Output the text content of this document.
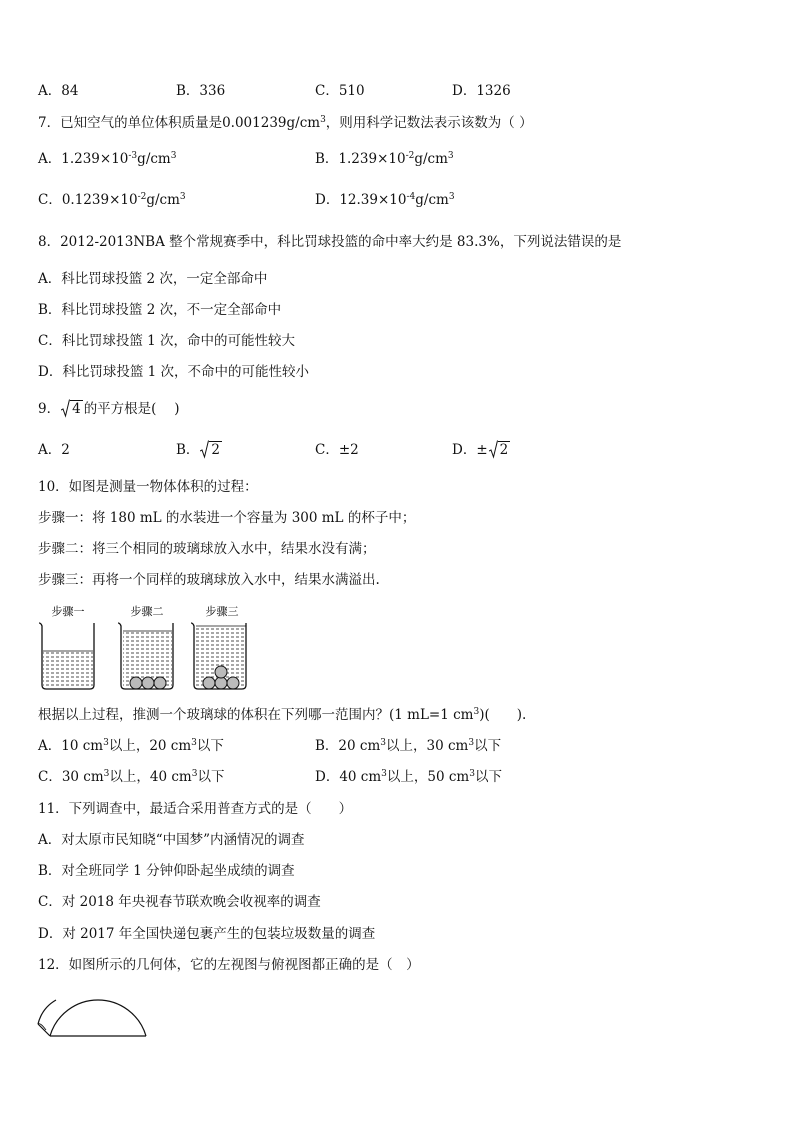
A．84	B．336	C．510	D．1326
7．已知空气的单位体积质量是$0.001239g/cm^3$，则用科学记数法表示该数为（ ）
A．$1.239\times 10^{-3}g/cm^3$	B．$1.239\times 10^{-2}g/cm^3$
C．$0.1239\times 10^{-2}g/cm^3$	D．$12.39\times 10^{-4}g/cm^3$
8．2012-2013NBA 整个常规赛季中，科比罚球投篮的命中率大约是 83.3%，下列说法错误的是
A．科比罚球投篮 2 次，一定全部命中
B．科比罚球投篮 2 次，不一定全部命中
C．科比罚球投篮 1 次，命中的可能性较大
D．科比罚球投篮 1 次，不命中的可能性较小
9． 4 的平方根是(　 )
A．2	B． 2	C．±2	D．± 2
10．如图是测量一物体体积的过程：
步骤一：将 180 mL 的水装进一个容量为 300 mL 的杯子中；
步骤二：将三个相同的玻璃球放入水中，结果水没有满；
步骤三：再将一个同样的玻璃球放入水中，结果水满溢出.
步骤一	步骤二	步骤三
根据以上过程，推测一个玻璃球的体积在下列哪一范围内？(1 mL=1 $cm^3$)(　　).
A．10 $cm^3$以上，20 $cm^3$以下	B．20 $cm^3$以上，30 $cm^3$以下
C．30 $cm^3$以上，40 $cm^3$以下	D．40 $cm^3$以上，50 $cm^3$以下
11．下列调查中，最适合采用普查方式的是（　　）
A．对太原市民知晓“中国梦”内涵情况的调查
B．对全班同学 1 分钟仰卧起坐成绩的调查
C．对 2018 年央视春节联欢晚会收视率的调查
D．对 2017 年全国快递包裹产生的包装垃圾数量的调查
12．如图所示的几何体，它的左视图与俯视图都正确的是（　）
